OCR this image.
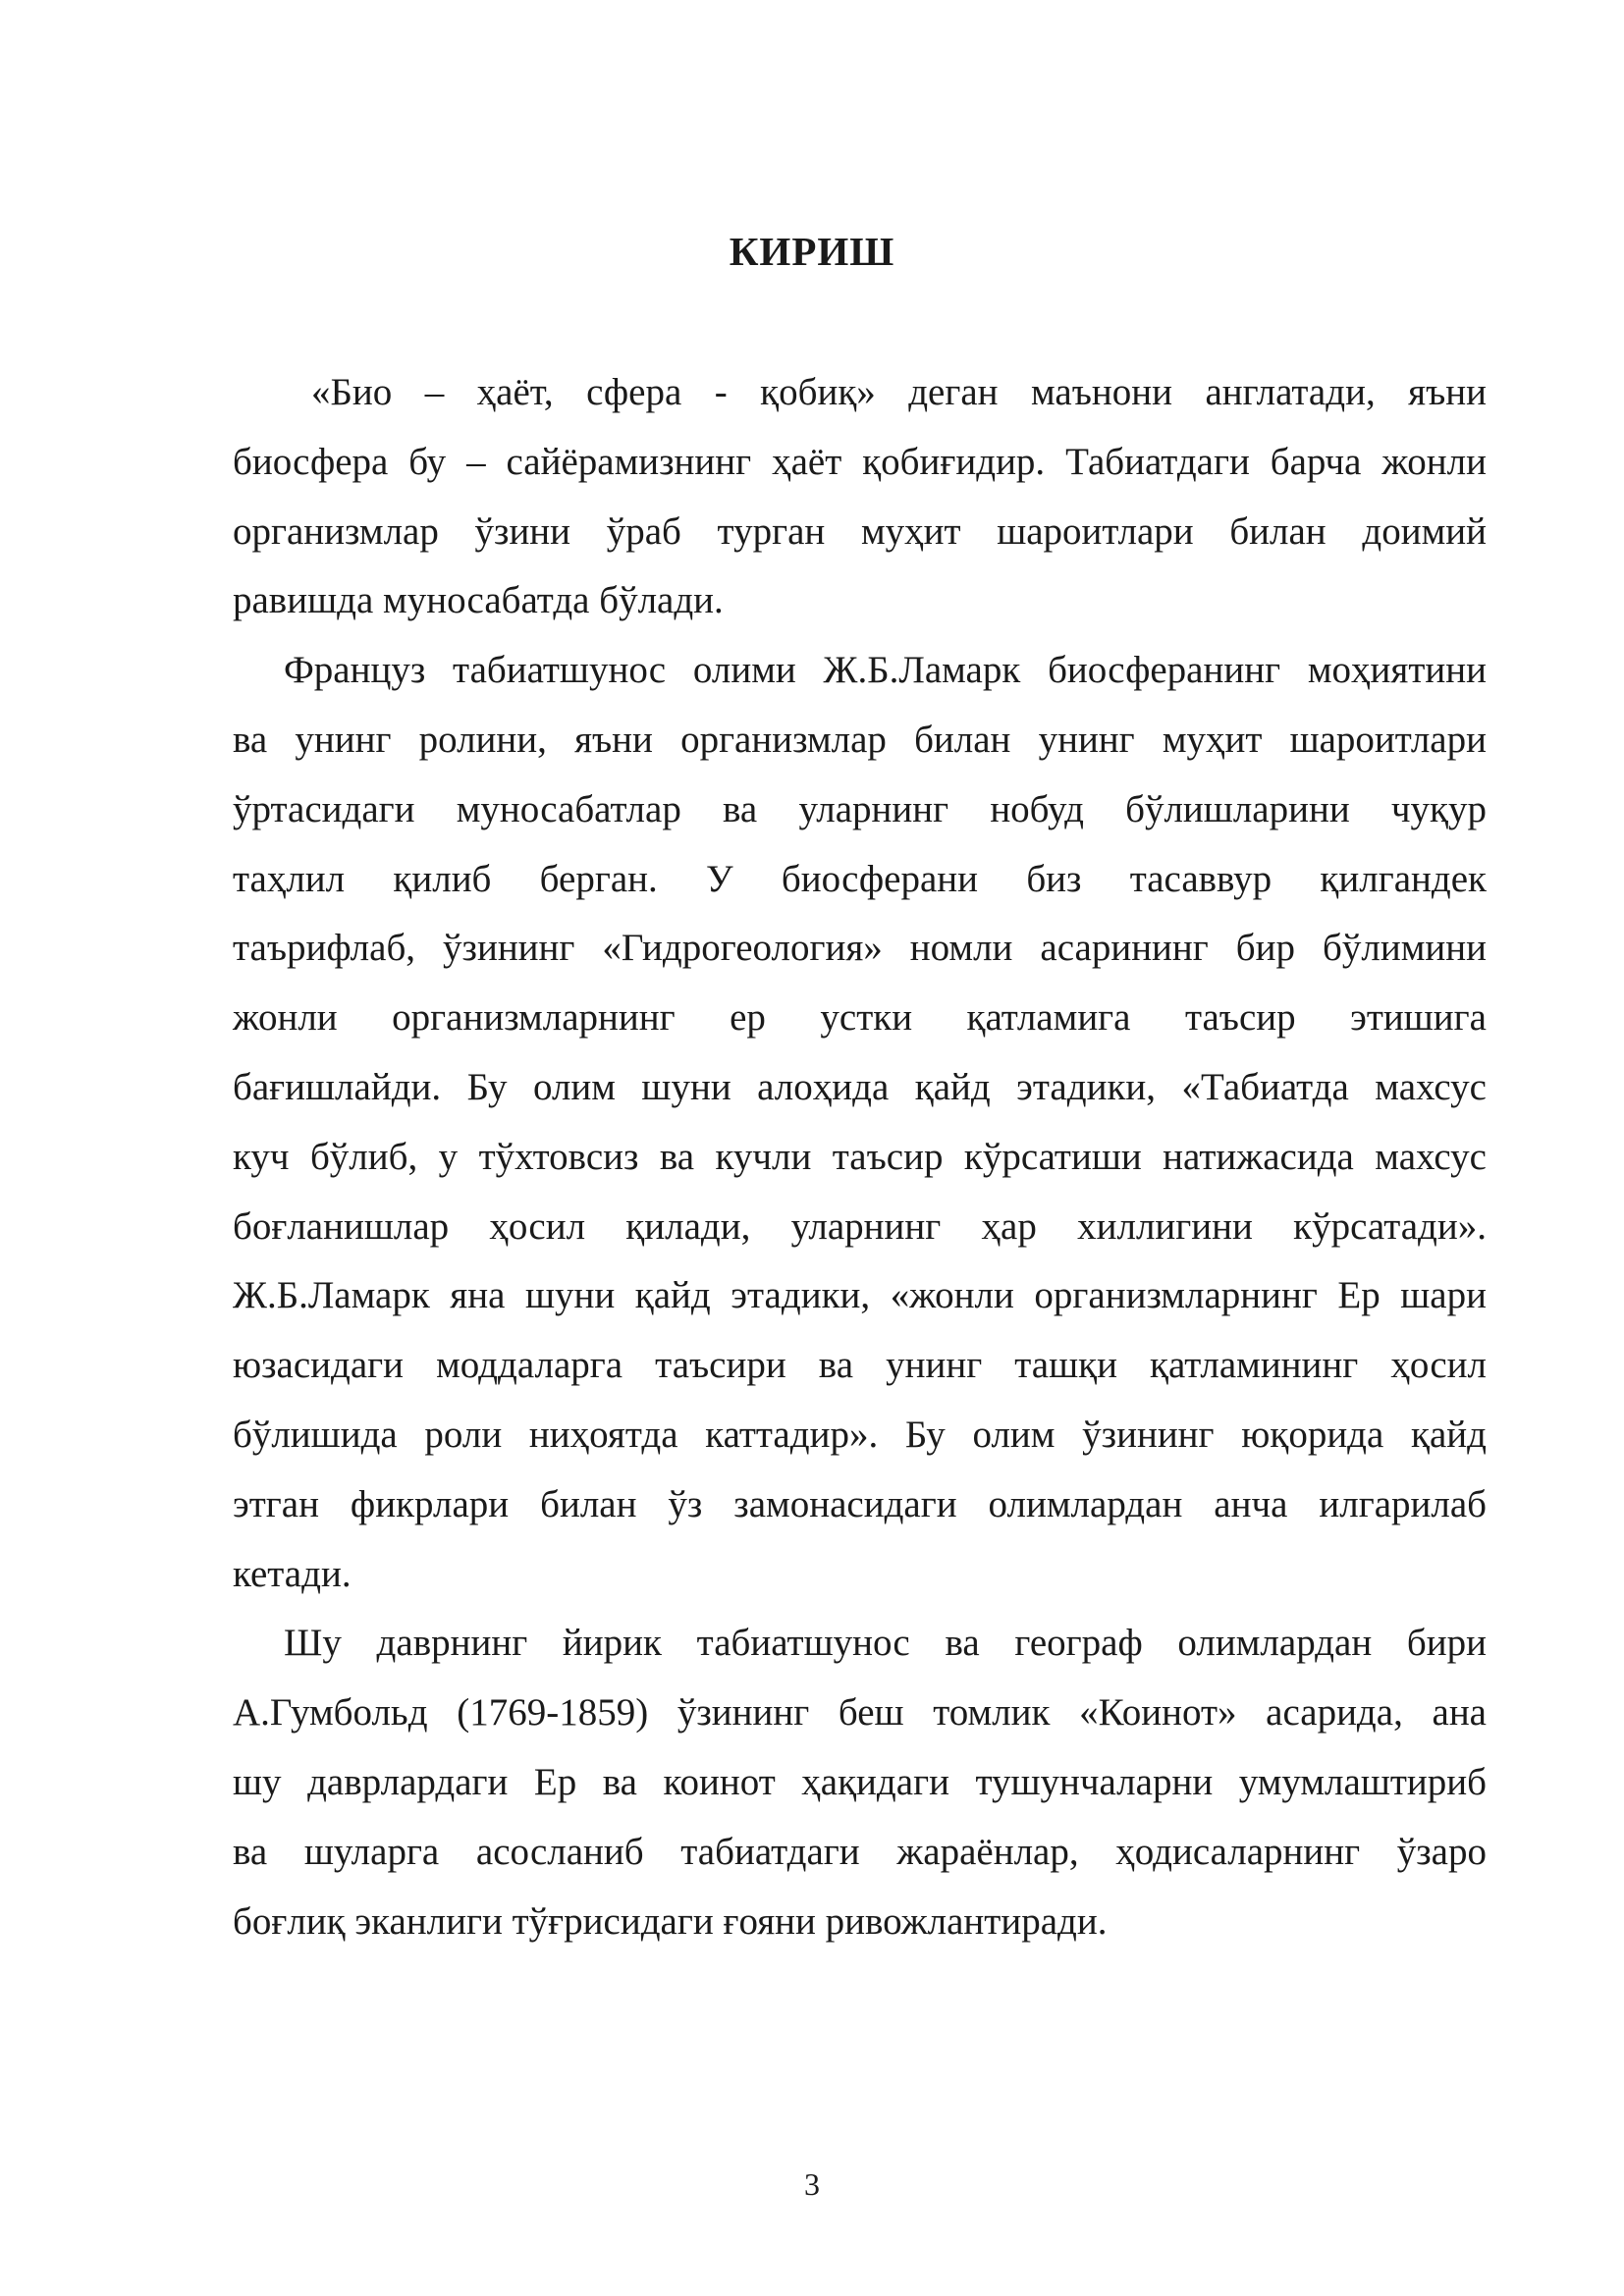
КИРИШ

«Био – ҳаёт, сфера - қобиқ» деган маънони англатади, яъни
биосфера бу – сайёрамизнинг ҳаёт қобиғидир. Табиатдаги барча жонли
организмлар ўзини ўраб турган муҳит шароитлари билан доимий
равишда муносабатда бўлади.

Француз табиатшунос олими Ж.Б.Ламарк биосферанинг моҳиятини
ва унинг ролини, яъни организмлар билан унинг муҳит шароитлари
ўртасидаги муносабатлар ва уларнинг нобуд бўлишларини чуқур
таҳлил қилиб берган. У биосферани биз тасаввур қилгандек
таърифлаб, ўзининг «Гидрогеология» номли асарининг бир бўлимини
жонли организмларнинг ер устки қатламига таъсир этишига
бағишлайди. Бу олим шуни алоҳида қайд этадики, «Табиатда махсус
куч бўлиб, у тўхтовсиз ва кучли таъсир кўрсатиши натижасида махсус
боғланишлар ҳосил қилади, уларнинг ҳар хиллигини кўрсатади».
Ж.Б.Ламарк яна шуни қайд этадики, «жонли организмларнинг Ер шари
юзасидаги моддаларга таъсири ва унинг ташқи қатламининг ҳосил
бўлишида роли ниҳоятда каттадир». Бу олим ўзининг юқорида қайд
этган фикрлари билан ўз замонасидаги олимлардан анча илгарилаб
кетади.

Шу даврнинг йирик табиатшунос ва географ олимлардан бири
А.Гумбольд (1769-1859) ўзининг беш томлик «Коинот» асарида, ана
шу даврлардаги Ер ва коинот ҳақидаги тушунчаларни умумлаштириб
ва шуларга асосланиб табиатдаги жараёнлар, ҳодисаларнинг ўзаро
боғлиқ эканлиги тўғрисидаги ғояни ривожлантиради.

3
